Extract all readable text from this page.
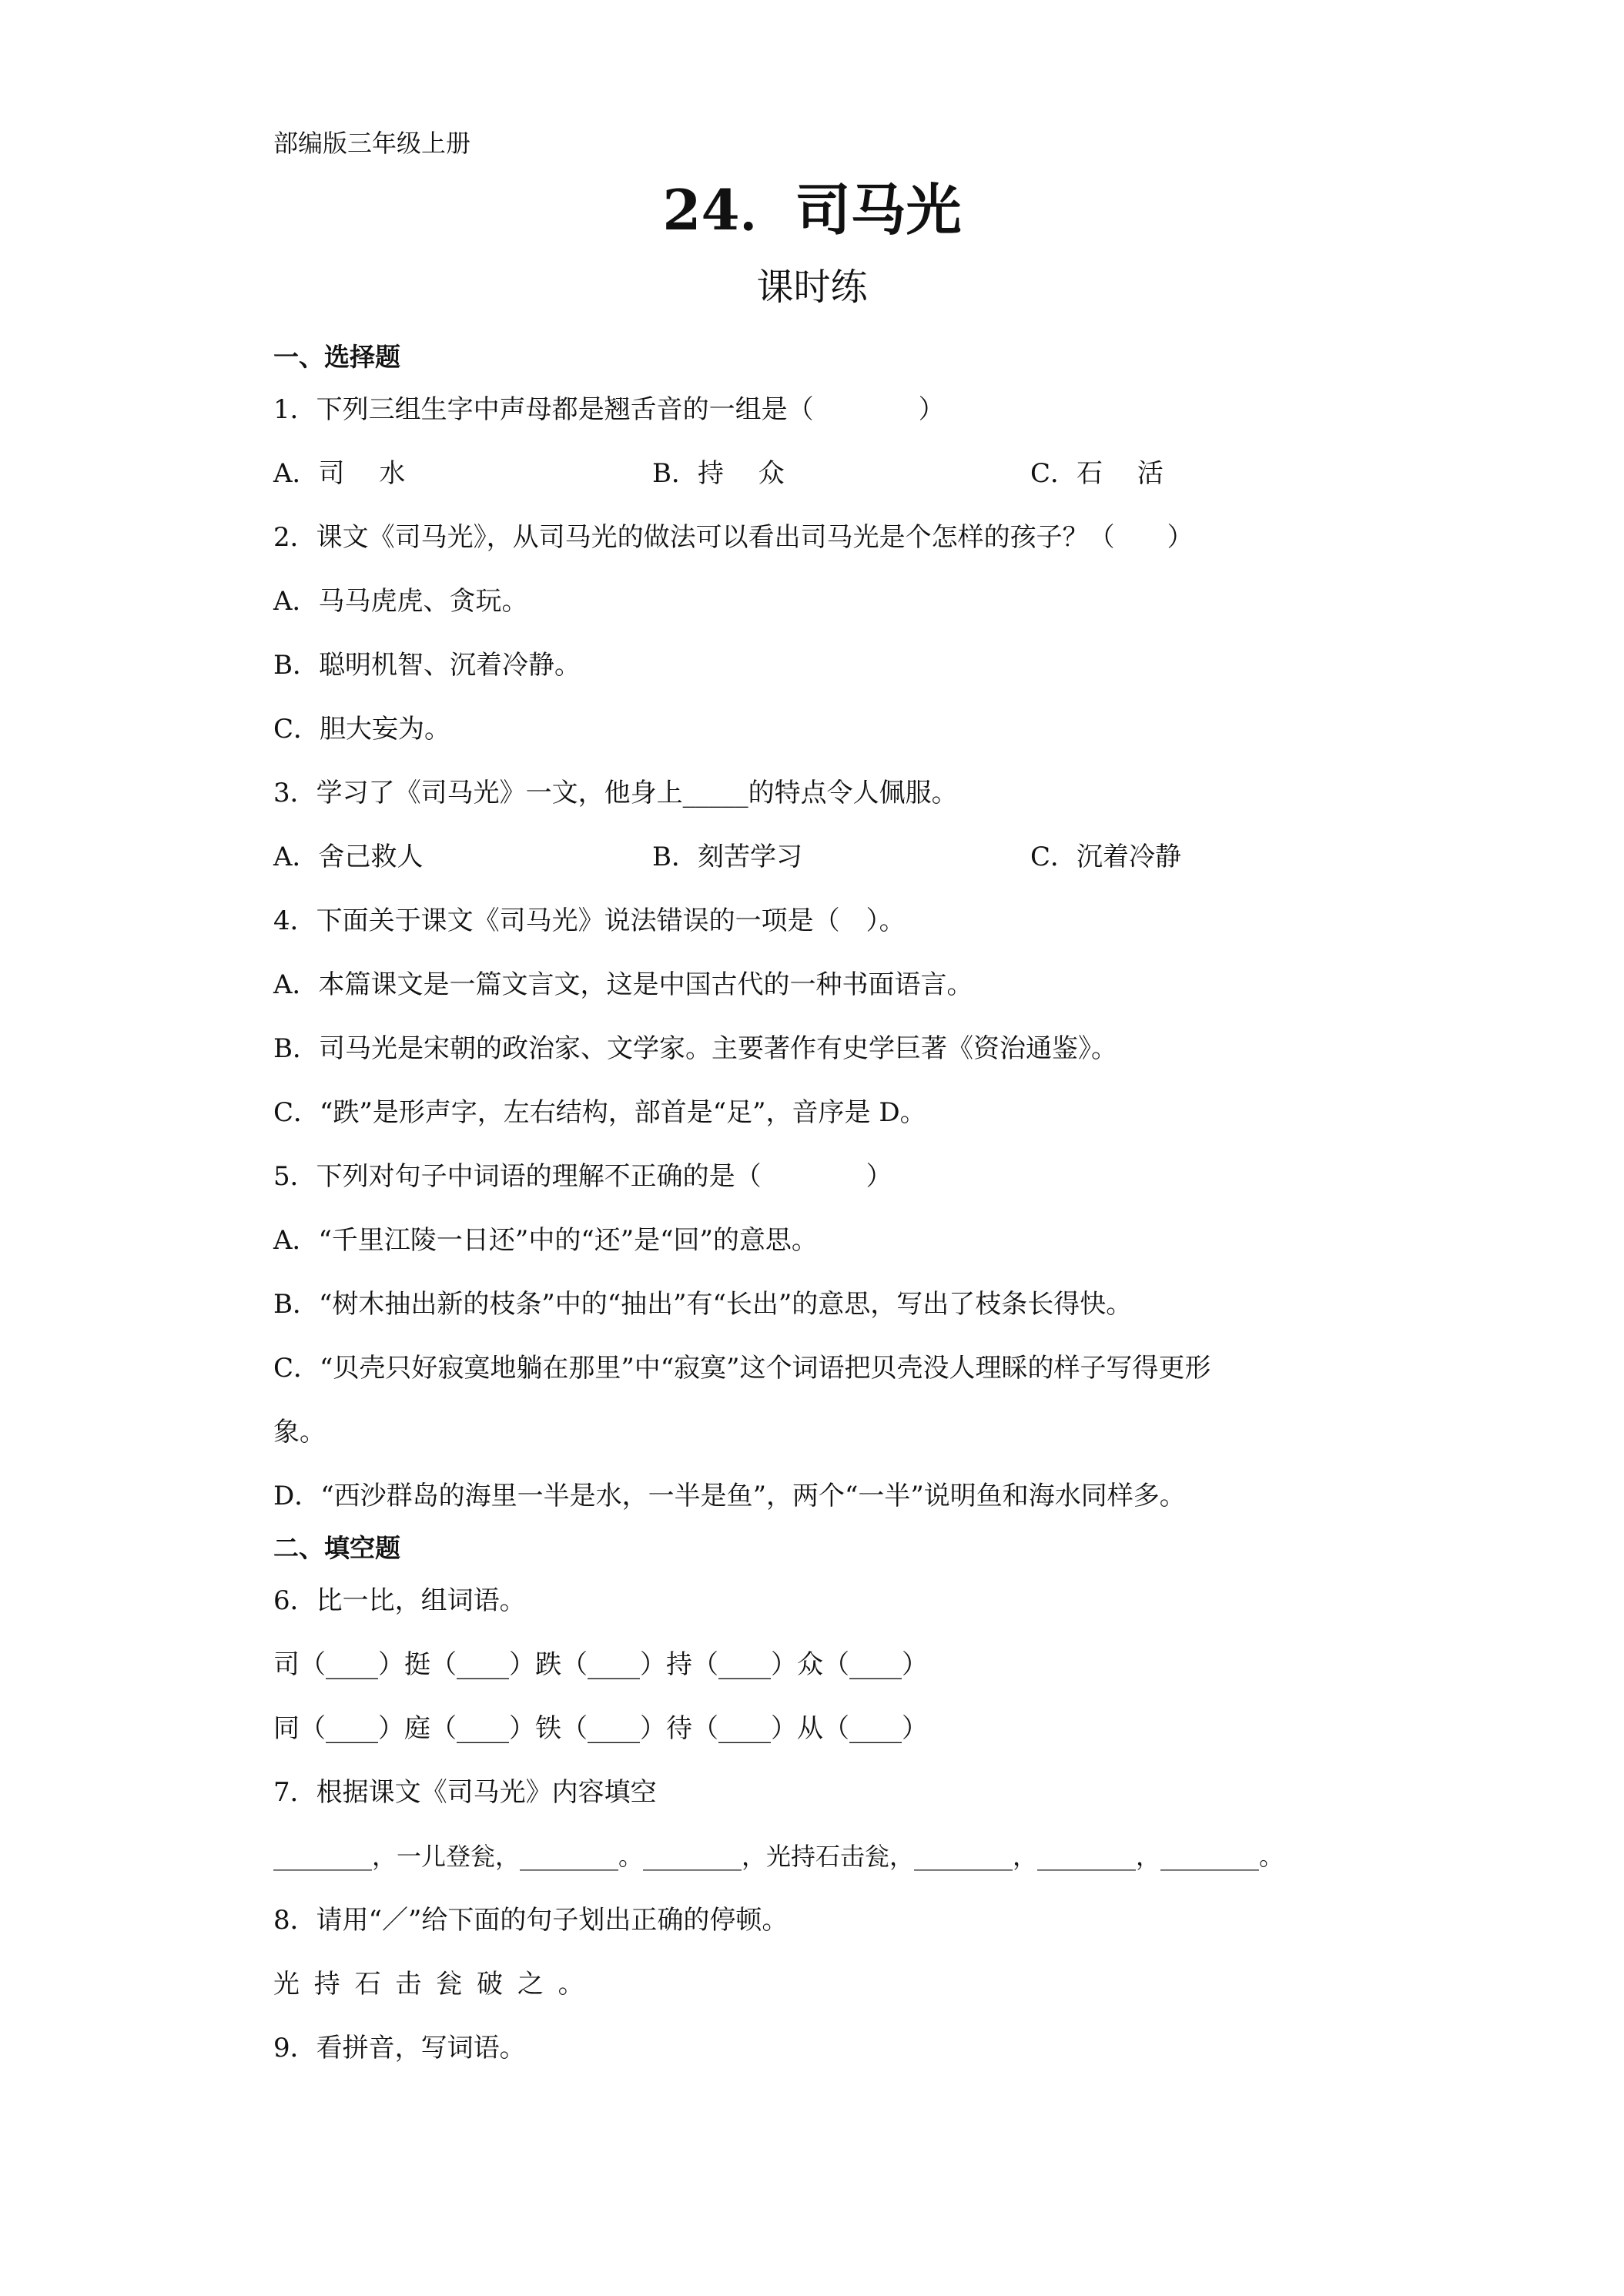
部编版三年级上册
24．司马光
课时练
一、选择题
1．下列三组生字中声母都是翘舌音的一组是（　　　　）
A．司　 水	B．持　 众	C．石　 活
2．课文《司马光》，从司马光的做法可以看出司马光是个怎样的孩子？（　　）
A．马马虎虎、贪玩。
B．聪明机智、沉着冷静。
C．胆大妄为。
3．学习了《司马光》一文，他身上_____的特点令人佩服。
A．舍己救人	B．刻苦学习	C．沉着冷静
4．下面关于课文《司马光》说法错误的一项是（　）。
A．本篇课文是一篇文言文，这是中国古代的一种书面语言。
B．司马光是宋朝的政治家、文学家。主要著作有史学巨著《资治通鉴》。
C．“跌”是形声字，左右结构，部首是“足”，音序是 D。
5．下列对句子中词语的理解不正确的是（　　　　）
A．“千里江陵一日还”中的“还”是“回”的意思。
B．“树木抽出新的枝条”中的“抽出”有“长出”的意思，写出了枝条长得快。
C．“贝壳只好寂寞地躺在那里”中“寂寞”这个词语把贝壳没人理睬的样子写得更形
象。
D．“西沙群岛的海里一半是水，一半是鱼”，两个“一半”说明鱼和海水同样多。
二、填空题
6．比一比，组词语。
司（____）挺（____）跌（____）持（____）众（____）
同（____）庭（____）铁（____）待（____）从（____）
7．根据课文《司马光》内容填空
________，一儿登瓮，________。________，光持石击瓮，________，________，________。
8．请用“／”给下面的句子划出正确的停顿。
光 持 石 击 瓮 破 之 。
9．看拼音，写词语。
